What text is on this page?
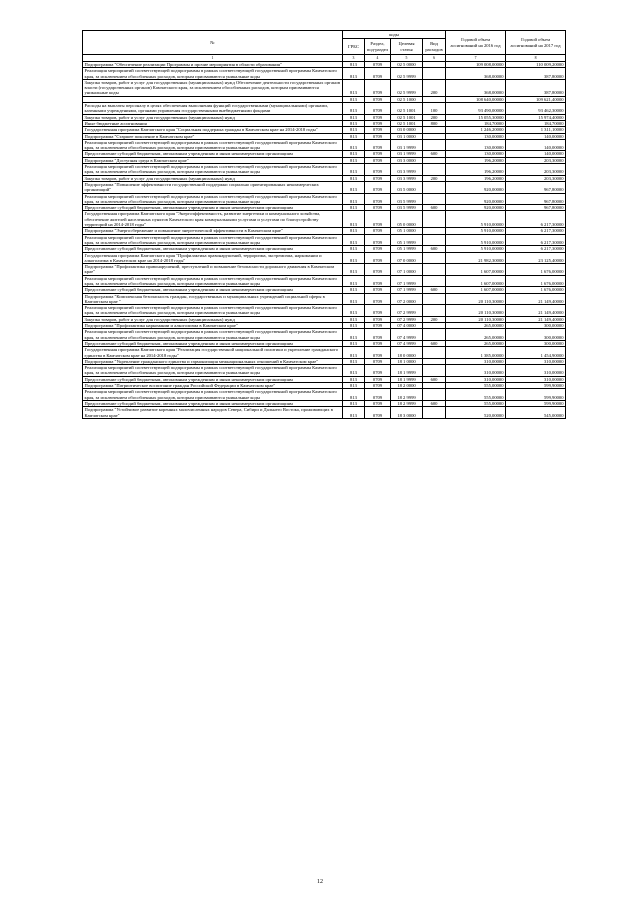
№	коды				Годовой объем ассигнований на 2016 год	Годовой объем ассигнований на 2017 год
	ГРБС	Раздел, под-раздел	Целевая статья	Вид расходов		
1	3	4	5	6	7	8
Подпрограмма "Обеспечение реализации Программы и прочие мероприятия в области образования"	813	0709	02 5 0000		109 008,00000	110 009,20000
Реализация мероприятий соответствующей подпрограммы в рамках соответствующей государственной программы Камчатского края, за исключением обособленных расходов, которым присваиваются уникальные коды	813	0709	02 5 9999		368,00000	387,80000
Закупка товаров, работ и услуг для государственных (муниципальных) нужд Обеспечение деятельности государственных органов власти (государственных органов) Камчатского края, за исключением обособленных расходов, которым присваиваются уникальные коды	813	0709	02 5 9999	200	368,00000	387,80000
	813	0709	02 5 1000		108 640,00000	109 621,40000
Расходы на выплаты персоналу в целях обеспечения выполнения функций государственными (муниципальными) органами, казенными учреждениями, органами управления государственными внебюджетными фондами	813	0709	02 5 1001	100	93 490,00000	93 462,30000
Закупка товаров, работ и услуг для государственных (муниципальных) нужд	813	0709	02 5 1001	200	15 055,30000	15 974,40000
Иные бюджетные ассигнования	813	0709	02 5 1001	800	184,70000	184,70000
Государственная программа Камчатского края "Социальная поддержка граждан в Камчатском крае на 2014-2018 годы"	813	0709	03 0 0000		1 246,20000	1 311,10000
Подпрограмма "Старшее поколение в Камчатском крае"	813	0709	03 1 0000		130,00000	140,00000
Реализация мероприятий соответствующей подпрограммы в рамках соответствующей государственной программы Камчатского края, за исключением обособленных расходов, которым присваиваются уникальные коды	813	0709	03 1 9999		130,00000	140,00000
Предоставление субсидий бюджетным, автономным учреждениям и иным некоммерческим организациям	813	0709	03 1 9999	600	130,00000	140,00000
Подпрограмма "Доступная среда в Камчатском крае"	813	0709	03 3 0000		196,20000	203,30000
Реализация мероприятий соответствующей подпрограммы в рамках соответствующей государственной программы Камчатского края, за исключением обособленных расходов, которым присваиваются уникальные коды	813	0709	03 3 9999		196,20000	203,30000
Закупка товаров, работ и услуг для государственных (муниципальных) нужд	813	0709	03 3 9999	200	196,20000	203,30000
Подпрограмма "Повышение эффективности государственной поддержки социально ориентированных некоммерческих организаций"	813	0709	03 5 0000		920,00000	967,80000
Реализация мероприятий соответствующей подпрограммы в рамках соответствующей государственной программы Камчатского края, за исключением обособленных расходов, которым присваиваются уникальные коды	813	0709	03 5 9999		920,00000	967,80000
Предоставление субсидий бюджетным, автономным учреждениям и иным некоммерческим организациям	813	0709	03 5 9999	600	920,00000	967,80000
Государственная программа Камчатского края "Энергоэффективность, развитие энергетики и коммунального хозяйства, обеспечение жителей населенных пунктов Камчатского края коммунальными услугами и услугами по благоустройству территорий на 2014-2018 годы"	813	0709	05 0 0000		5 910,00000	6 217,30000
Подпрограмма "Энергосбережение и повышение энергетической эффективности в Камчатском крае"	813	0709	05 1 0000		5 910,00000	6 217,30000
Реализация мероприятий соответствующей подпрограммы в рамках соответствующей государственной программы Камчатского края, за исключением обособленных расходов, которым присваиваются уникальные коды	813	0709	05 1 9999		5 910,00000	6 217,30000
Предоставление субсидий бюджетным, автономным учреждениям и иным некоммерческим организациям	813	0709	05 1 9999	600	5 910,00000	6 217,30000
Государственная программа Камчатского края "Профилактика правонарушений, терроризма, экстремизма, наркомании и алкоголизма в Камчатском крае на 2014-2018 годы"	813	0709	07 0 0000		21 982,30000	23 125,40000
Подпрограмма "Профилактика правонарушений, преступлений и повышение безопасности дорожного движения в Камчатском крае"	813	0709	07 1 0000		1 607,00000	1 676,00000
Реализация мероприятий соответствующей подпрограммы в рамках соответствующей государственной программы Камчатского края, за исключением обособленных расходов, которым присваиваются уникальные коды	813	0709	07 1 9999		1 607,00000	1 676,00000
Предоставление субсидий бюджетным, автономным учреждениям и иным некоммерческим организациям	813	0709	07 1 9999	600	1 607,00000	1 676,00000
Подпрограмма "Комплексная безопасность граждан, государственных и муниципальных учреждений социальной сферы в Камчатском крае "	813	0709	07 2 0000		20 110,30000	21 149,40000
Реализация мероприятий соответствующей подпрограммы в рамках соответствующей государственной программы Камчатского края, за исключением обособленных расходов, которым присваиваются уникальные коды	813	0709	07 2 9999		20 110,30000	21 149,40000
Закупка товаров, работ и услуг для государственных (муниципальных) нужд	813	0709	07 2 9999	200	20 110,30000	21 149,40000
Подпрограмма "Профилактика наркомании и алкоголизма в Камчатском крае"	813	0709	07 4 0000		265,00000	300,00000
Реализация мероприятий соответствующей подпрограммы в рамках соответствующей государственной программы Камчатского края, за исключением обособленных расходов, которым присваиваются уникальные коды	813	0709	07 4 9999		265,00000	300,00000
Предоставление субсидий бюджетным, автономным учреждениям и иным некоммерческим организациям	813	0709	07 4 9999	600	265,00000	300,00000
Государственная программа Камчатского края "Реализация государственной национальной политики и укрепление гражданского единства в Камчатском крае на 2014-2018 годы"	813	0709	18 0 0000		1 385,00000	1 454,90000
Подпрограмма "Укрепление гражданского единства и гармонизация межнациональных отношений в Камчатском крае"	813	0709	18 1 0000		310,00000	310,00000
Реализация мероприятий соответствующей подпрограммы в рамках соответствующей государственной программы Камчатского края, за исключением обособленных расходов, которым присваиваются уникальные коды	813	0709	18 1 9999		310,00000	310,00000
Предоставление субсидий бюджетным, автономным учреждениям и иным некоммерческим организациям	813	0709	18 1 9999	600	310,00000	310,00000
Подпрограмма "Патриотическое воспитание граждан Российской Федерации в Камчатском крае"	813	0709	18 2 0000		555,00000	599,90000
Реализация мероприятий соответствующей подпрограммы в рамках соответствующей государственной программы Камчатского края, за исключением обособленных расходов, которым присваиваются уникальные коды	813	0709	18 2 9999		555,00000	599,90000
Предоставление субсидий бюджетным, автономным учреждениям и иным некоммерческим организациям	813	0709	18 2 9999	600	555,00000	599,90000
Подпрограмма "Устойчивое развитие коренных малочисленных народов Севера, Сибири и Дальнего Востока, проживающих в Камчатском крае"	813	0709	18 3 0000		520,00000	545,00000
12
